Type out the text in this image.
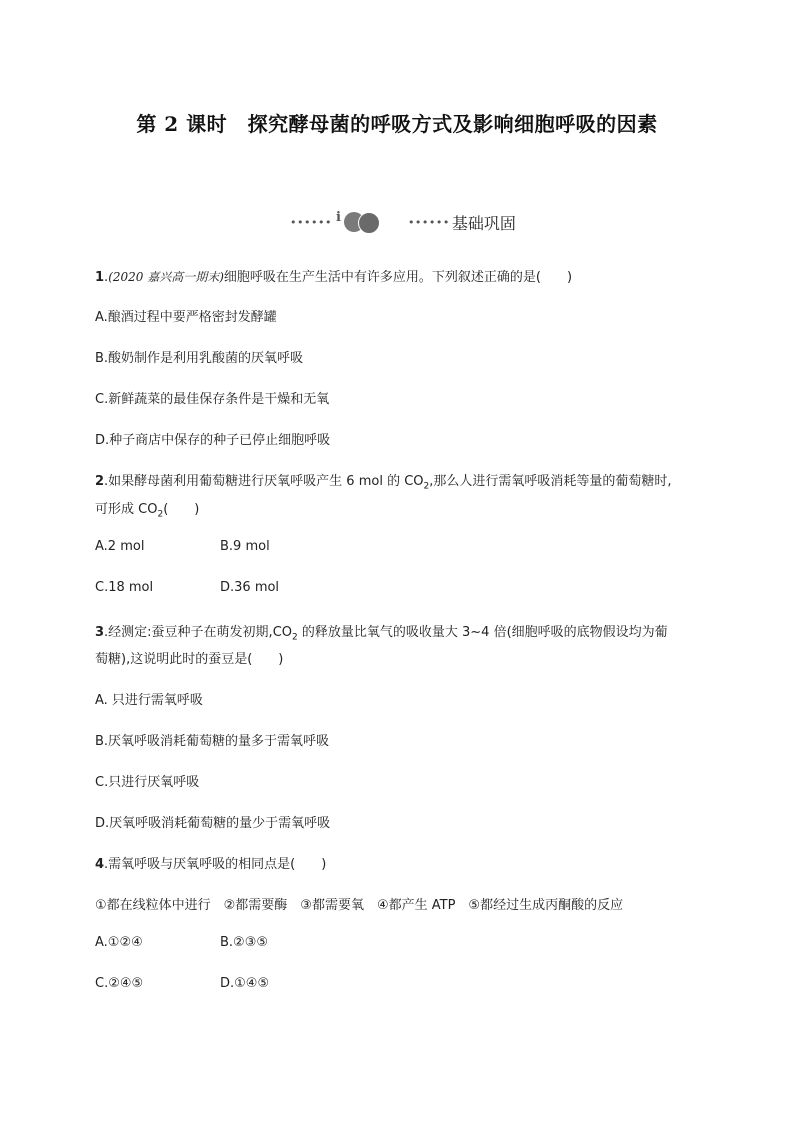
第 2 课时　探究酵母菌的呼吸方式及影响细胞呼吸的因素
•••••• i	•••••• 基础巩固
1.(2020 嘉兴高一期末)细胞呼吸在生产生活中有许多应用。下列叙述正确的是(　　)
A.酿酒过程中要严格密封发酵罐
B.酸奶制作是利用乳酸菌的厌氧呼吸
C.新鲜蔬菜的最佳保存条件是干燥和无氧
D.种子商店中保存的种子已停止细胞呼吸
2.如果酵母菌利用葡萄糖进行厌氧呼吸产生 6 mol 的 $CO_2$,那么人进行需氧呼吸消耗等量的葡萄糖时,
可形成 $CO_2$(　　)
A.2 mol	B.9 mol
C.18 mol	D.36 mol
3.经测定:蚕豆种子在萌发初期$,CO_2$ 的释放量比氧气的吸收量大 3~4 倍(细胞呼吸的底物假设均为葡
萄糖),这说明此时的蚕豆是(　　)
A. 只进行需氧呼吸
B.厌氧呼吸消耗葡萄糖的量多于需氧呼吸
C.只进行厌氧呼吸
D.厌氧呼吸消耗葡萄糖的量少于需氧呼吸
4.需氧呼吸与厌氧呼吸的相同点是(　　)
①都在线粒体中进行　②都需要酶　③都需要氧　④都产生 ATP　⑤都经过生成丙酮酸的反应
A.①②④	B.②③⑤
C.②④⑤	D.①④⑤
